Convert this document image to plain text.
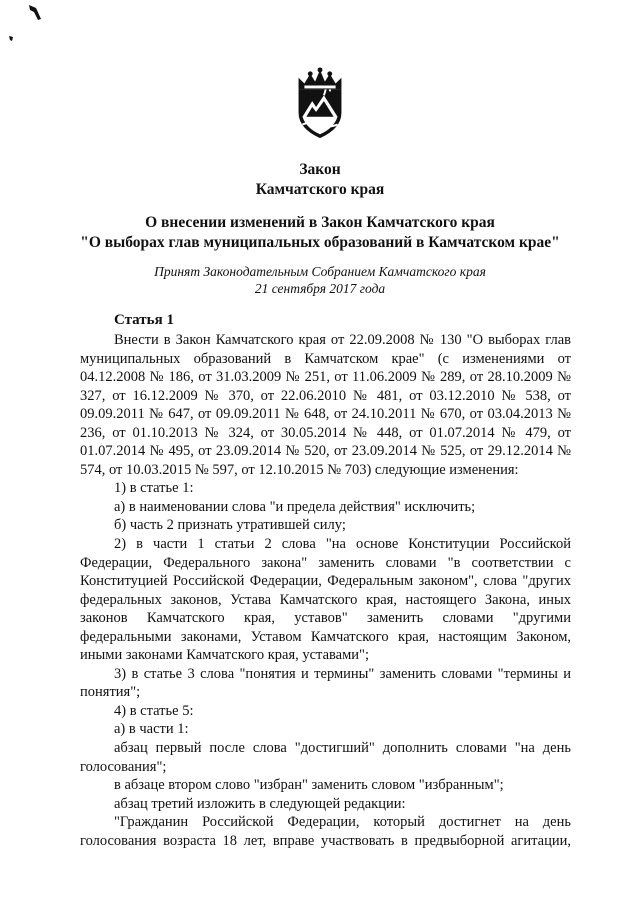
Закон
Камчатского края
О внесении изменений в Закон Камчатского края
"О выборах глав муниципальных образований в Камчатском крае"
Принят Законодательным Собранием Камчатского края
21 сентября 2017 года
Статья 1

Внести в Закон Камчатского края от 22.09.2008 № 130 "О выборах глав муниципальных образований в Камчатском крае" (с изменениями от 04.12.2008 № 186, от 31.03.2009 № 251, от 11.06.2009 № 289, от 28.10.2009 № 327, от 16.12.2009 № 370, от 22.06.2010 № 481, от 03.12.2010 № 538, от 09.09.2011 № 647, от 09.09.2011 № 648, от 24.10.2011 № 670, от 03.04.2013 № 236, от 01.10.2013 № 324, от 30.05.2014 № 448, от 01.07.2014 № 479, от 01.07.2014 № 495, от 23.09.2014 № 520, от 23.09.2014 № 525, от 29.12.2014 № 574, от 10.03.2015 № 597, от 12.10.2015 № 703) следующие изменения:

1) в статье 1:

а) в наименовании слова "и предела действия" исключить;

б) часть 2 признать утратившей силу;

2) в части 1 статьи 2 слова "на основе Конституции Российской Федерации, Федерального закона" заменить словами "в соответствии с Конституцией Российской Федерации, Федеральным законом", слова "других федеральных законов, Устава Камчатского края, настоящего Закона, иных законов Камчатского края, уставов" заменить словами "другими федеральными законами, Уставом Камчатского края, настоящим Законом, иными законами Камчатского края, уставами";

3) в статье 3 слова "понятия и термины" заменить словами "термины и понятия";

4) в статье 5:

а) в части 1:

абзац первый после слова "достигший" дополнить словами "на день голосования";

в абзаце втором слово "избран" заменить словом "избранным";

абзац третий изложить в следующей редакции:

"Гражданин Российской Федерации, который достигнет на день голосования возраста 18 лет, вправе участвовать в предвыборной агитации,
